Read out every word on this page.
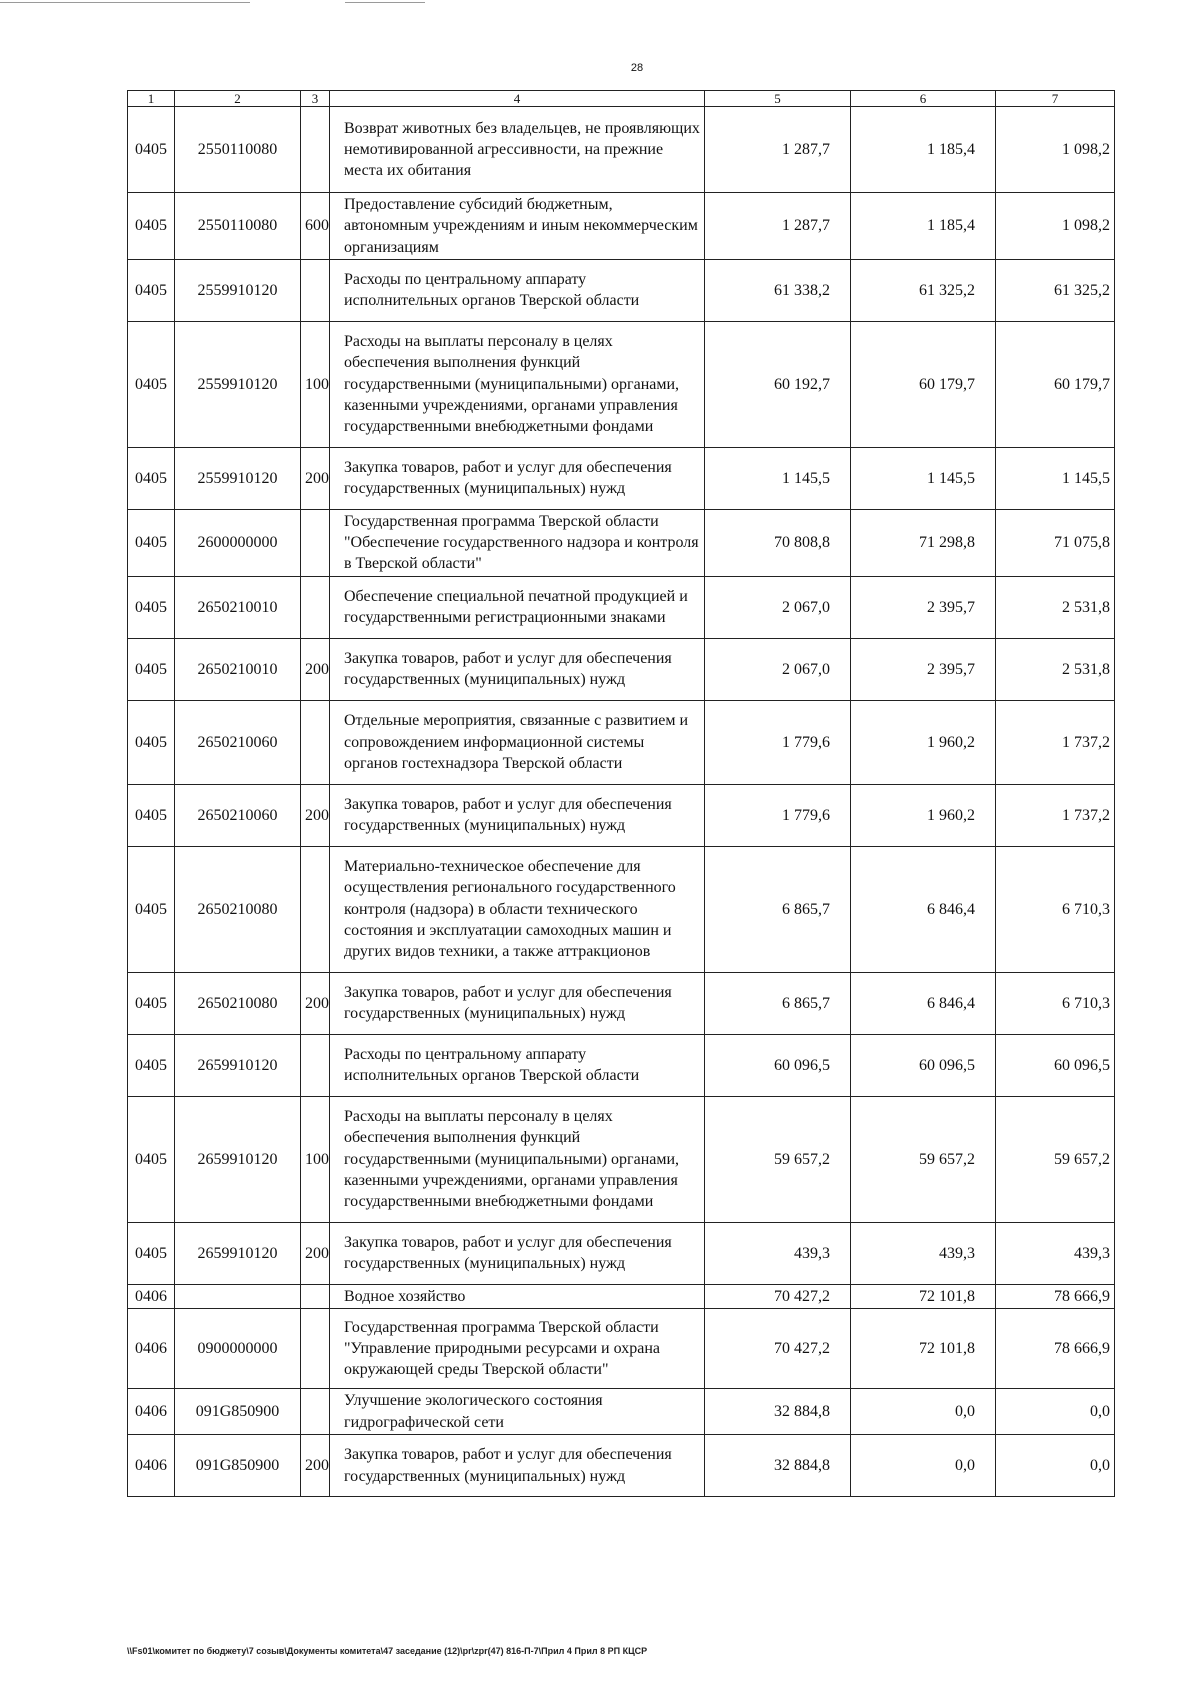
28
1	2	3	4	5	6	7
0405	2550110080		Возврат животных без владельцев, не проявляющих немотивированной агрессивности, на прежние места их обитания	1 287,7	1 185,4	1 098,2
0405	2550110080	600	Предоставление субсидий бюджетным, автономным учреждениям и иным некоммерческим организациям	1 287,7	1 185,4	1 098,2
0405	2559910120		Расходы по центральному аппарату исполнительных органов Тверской области	61 338,2	61 325,2	61 325,2
0405	2559910120	100	Расходы на выплаты персоналу в целях обеспечения выполнения функций государственными (муниципальными) органами, казенными учреждениями, органами управления государственными внебюджетными фондами	60 192,7	60 179,7	60 179,7
0405	2559910120	200	Закупка товаров, работ и услуг для обеспечения государственных (муниципальных) нужд	1 145,5	1 145,5	1 145,5
0405	2600000000		Государственная программа Тверской области "Обеспечение государственного надзора и контроля в Тверской области"	70 808,8	71 298,8	71 075,8
0405	2650210010		Обеспечение специальной печатной продукцией и государственными регистрационными знаками	2 067,0	2 395,7	2 531,8
0405	2650210010	200	Закупка товаров, работ и услуг для обеспечения государственных (муниципальных) нужд	2 067,0	2 395,7	2 531,8
0405	2650210060		Отдельные мероприятия, связанные с развитием и сопровождением информационной системы органов гостехнадзора Тверской области	1 779,6	1 960,2	1 737,2
0405	2650210060	200	Закупка товаров, работ и услуг для обеспечения государственных (муниципальных) нужд	1 779,6	1 960,2	1 737,2
0405	2650210080		Материально-техническое обеспечение для осуществления регионального государственного контроля (надзора) в области технического состояния и эксплуатации самоходных машин и других видов техники, а также аттракционов	6 865,7	6 846,4	6 710,3
0405	2650210080	200	Закупка товаров, работ и услуг для обеспечения государственных (муниципальных) нужд	6 865,7	6 846,4	6 710,3
0405	2659910120		Расходы по центральному аппарату исполнительных органов Тверской области	60 096,5	60 096,5	60 096,5
0405	2659910120	100	Расходы на выплаты персоналу в целях обеспечения выполнения функций государственными (муниципальными) органами, казенными учреждениями, органами управления государственными внебюджетными фондами	59 657,2	59 657,2	59 657,2
0405	2659910120	200	Закупка товаров, работ и услуг для обеспечения государственных (муниципальных) нужд	439,3	439,3	439,3
0406			Водное хозяйство	70 427,2	72 101,8	78 666,9
0406	0900000000		Государственная программа Тверской области "Управление природными ресурсами и охрана окружающей среды Тверской области"	70 427,2	72 101,8	78 666,9
0406	091G850900		Улучшение экологического состояния гидрографической сети	32 884,8	0,0	0,0
0406	091G850900	200	Закупка товаров, работ и услуг для обеспечения государственных (муниципальных) нужд	32 884,8	0,0	0,0
\\Fs01\комитет по бюджету\7 созыв\Документы комитета\47 заседание (12)\pr\zpr(47) 816-П-7\Прил 4 Прил 8 РП КЦСР
